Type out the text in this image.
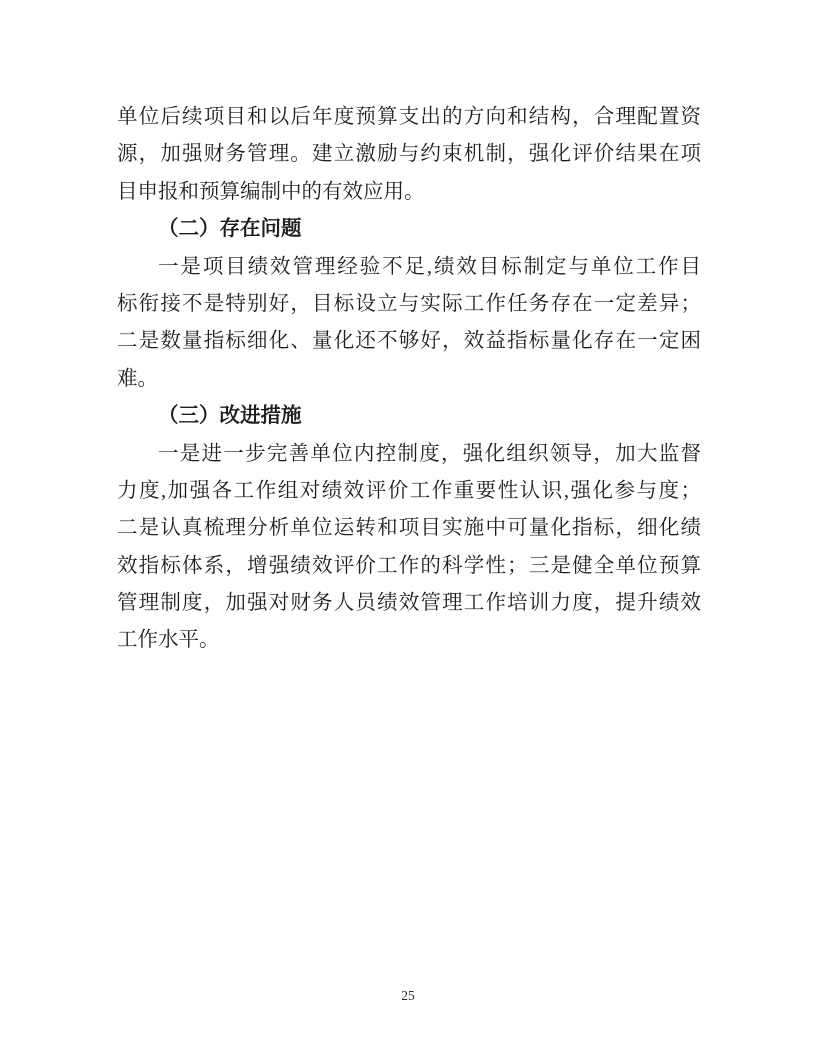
单位后续项目和以后年度预算支出的方向和结构，合理配置资
源，加强财务管理。建立激励与约束机制，强化评价结果在项
目申报和预算编制中的有效应用。
（二）存在问题
一是项目绩效管理经验不足,绩效目标制定与单位工作目
标衔接不是特别好，目标设立与实际工作任务存在一定差异；
二是数量指标细化、量化还不够好，效益指标量化存在一定困
难。
（三）改进措施
一是进一步完善单位内控制度，强化组织领导，加大监督
力度,加强各工作组对绩效评价工作重要性认识,强化参与度；
二是认真梳理分析单位运转和项目实施中可量化指标，细化绩
效指标体系，增强绩效评价工作的科学性；三是健全单位预算
管理制度，加强对财务人员绩效管理工作培训力度，提升绩效
工作水平。
25
